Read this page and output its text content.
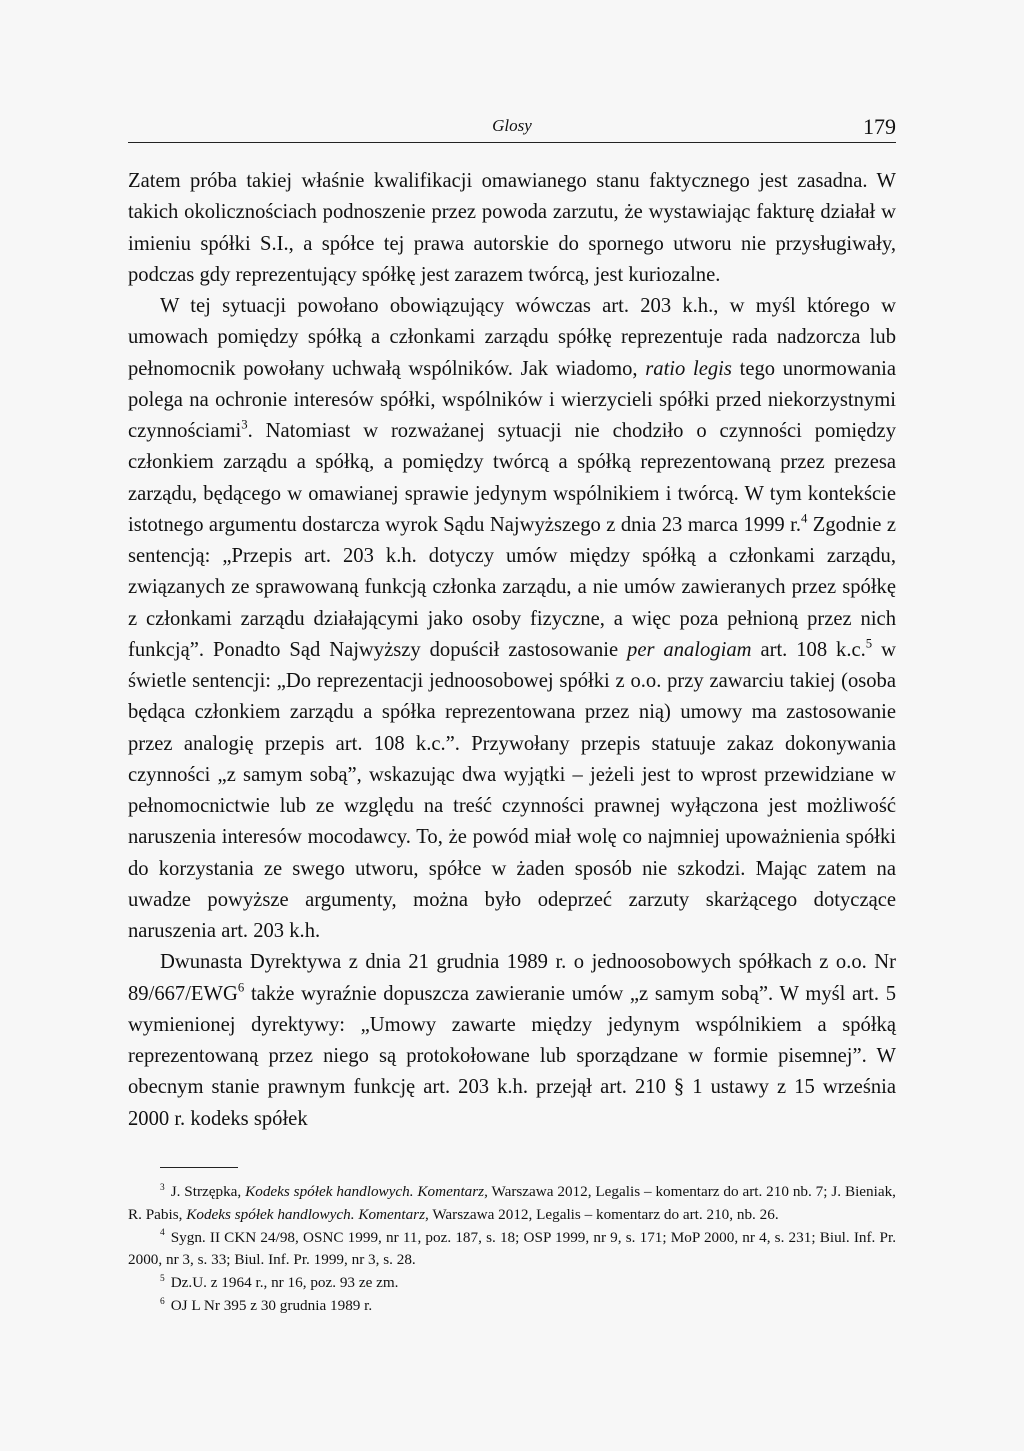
Glosy	179

Zatem próba takiej właśnie kwalifikacji omawianego stanu faktycznego jest zasadna. W takich okolicznościach podnoszenie przez powoda zarzutu, że wystawiając fakturę działał w imieniu spółki S.I., a spółce tej prawa autorskie do spornego utworu nie przysługiwały, podczas gdy reprezentujący spółkę jest zarazem twórcą, jest kuriozalne.

W tej sytuacji powołano obowiązujący wówczas art. 203 k.h., w myśl którego w umowach pomiędzy spółką a członkami zarządu spółkę reprezentuje rada nadzorcza lub pełnomocnik powołany uchwałą wspólników. Jak wiadomo, ratio legis tego unormowania polega na ochronie interesów spółki, wspólników i wierzycieli spółki przed niekorzystnymi czynnościami$^3$. Natomiast w rozważanej sytuacji nie chodziło o czynności pomiędzy członkiem zarządu a spółką, a pomiędzy twórcą a spółką reprezentowaną przez prezesa zarządu, będącego w omawianej sprawie jedynym wspólnikiem i twórcą. W tym kontekście istotnego argumentu dostarcza wyrok Sądu Najwyższego z dnia 23 marca 1999 r.$^4$ Zgodnie z sentencją: „Przepis art. 203 k.h. dotyczy umów między spółką a członkami zarządu, związanych ze sprawowaną funkcją członka zarządu, a nie umów zawieranych przez spółkę z członkami zarządu działającymi jako osoby fizyczne, a więc poza pełnioną przez nich funkcją”. Ponadto Sąd Najwyższy dopuścił zastosowanie per analogiam art. 108 k.c.$^5$ w świetle sentencji: „Do reprezentacji jednoosobowej spółki z o.o. przy zawarciu takiej (osoba będąca członkiem zarządu a spółka reprezentowana przez nią) umowy ma zastosowanie przez analogię przepis art. 108 k.c.”. Przywołany przepis statuuje zakaz dokonywania czynności „z samym sobą”, wskazując dwa wyjątki – jeżeli jest to wprost przewidziane w pełnomocnictwie lub ze względu na treść czynności prawnej wyłączona jest możliwość naruszenia interesów mocodawcy. To, że powód miał wolę co najmniej upoważnienia spółki do korzystania ze swego utworu, spółce w żaden sposób nie szkodzi. Mając zatem na uwadze powyższe argumenty, można było odeprzeć zarzuty skarżącego dotyczące naruszenia art. 203 k.h.

Dwunasta Dyrektywa z dnia 21 grudnia 1989 r. o jednoosobowych spółkach z o.o. Nr 89/667/EWG$^6$ także wyraźnie dopuszcza zawieranie umów „z samym sobą”. W myśl art. 5 wymienionej dyrektywy: „Umowy zawarte między jedynym wspólnikiem a spółką reprezentowaną przez niego są protokołowane lub sporządzane w formie pisemnej”. W obecnym stanie prawnym funkcję art. 203 k.h. przejął art. 210 § 1 ustawy z 15 września 2000 r. kodeks spółek

$^3$ J. Strzępka, Kodeks spółek handlowych. Komentarz, Warszawa 2012, Legalis – komentarz do art. 210 nb. 7; J. Bieniak, R. Pabis, Kodeks spółek handlowych. Komentarz, Warszawa 2012, Legalis – komentarz do art. 210, nb. 26.

$^4$ Sygn. II CKN 24/98, OSNC 1999, nr 11, poz. 187, s. 18; OSP 1999, nr 9, s. 171; MoP 2000, nr 4, s. 231; Biul. Inf. Pr. 2000, nr 3, s. 33; Biul. Inf. Pr. 1999, nr 3, s. 28.

$^5$ Dz.U. z 1964 r., nr 16, poz. 93 ze zm.

$^6$ OJ L Nr 395 z 30 grudnia 1989 r.
